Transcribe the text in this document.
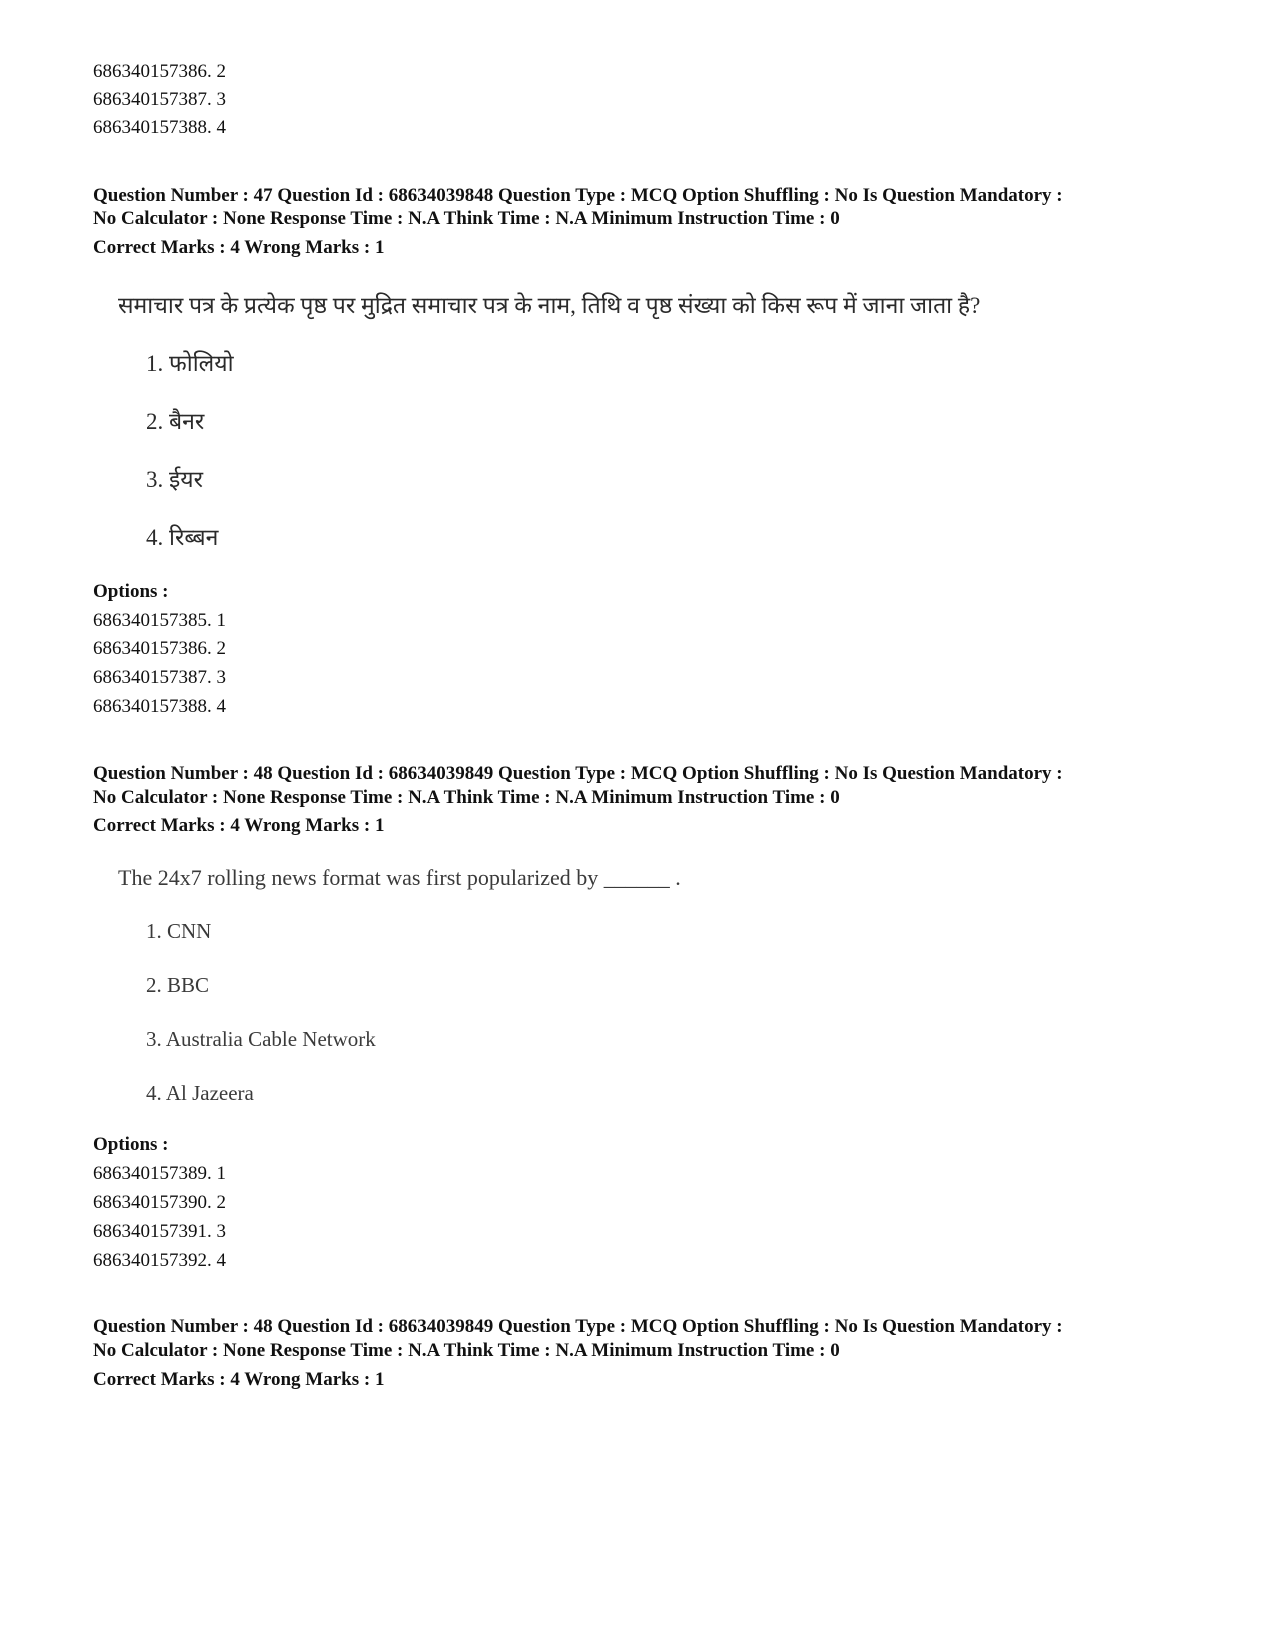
686340157386. 2
686340157387. 3
686340157388. 4
Question Number : 47 Question Id : 68634039848 Question Type : MCQ Option Shuffling : No Is Question Mandatory :
No Calculator : None Response Time : N.A Think Time : N.A Minimum Instruction Time : 0
Correct Marks : 4 Wrong Marks : 1
समाचार पत्र के प्रत्येक पृष्ठ पर मुद्रित समाचार पत्र के नाम, तिथि व पृष्ठ संख्या को किस रूप में जाना जाता है?
1. फोलियो
2. बैनर
3. ईयर
4. रिब्बन
Options :
686340157385. 1
686340157386. 2
686340157387. 3
686340157388. 4
Question Number : 48 Question Id : 68634039849 Question Type : MCQ Option Shuffling : No Is Question Mandatory :
No Calculator : None Response Time : N.A Think Time : N.A Minimum Instruction Time : 0
Correct Marks : 4 Wrong Marks : 1
The 24x7 rolling news format was first popularized by ______ .
1. CNN
2. BBC
3. Australia Cable Network
4. Al Jazeera
Options :
686340157389. 1
686340157390. 2
686340157391. 3
686340157392. 4
Question Number : 48 Question Id : 68634039849 Question Type : MCQ Option Shuffling : No Is Question Mandatory :
No Calculator : None Response Time : N.A Think Time : N.A Minimum Instruction Time : 0
Correct Marks : 4 Wrong Marks : 1
